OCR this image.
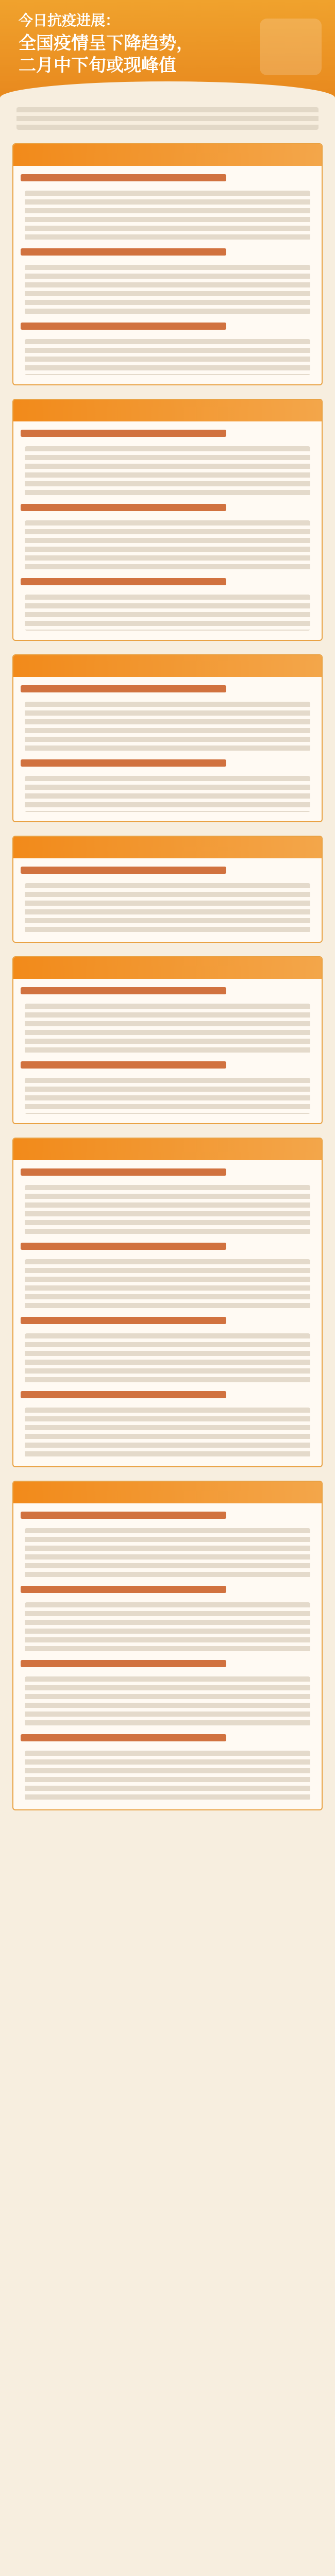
今日抗疫进展：
全国疫情呈下降趋势，
二月中下旬或现峰值
